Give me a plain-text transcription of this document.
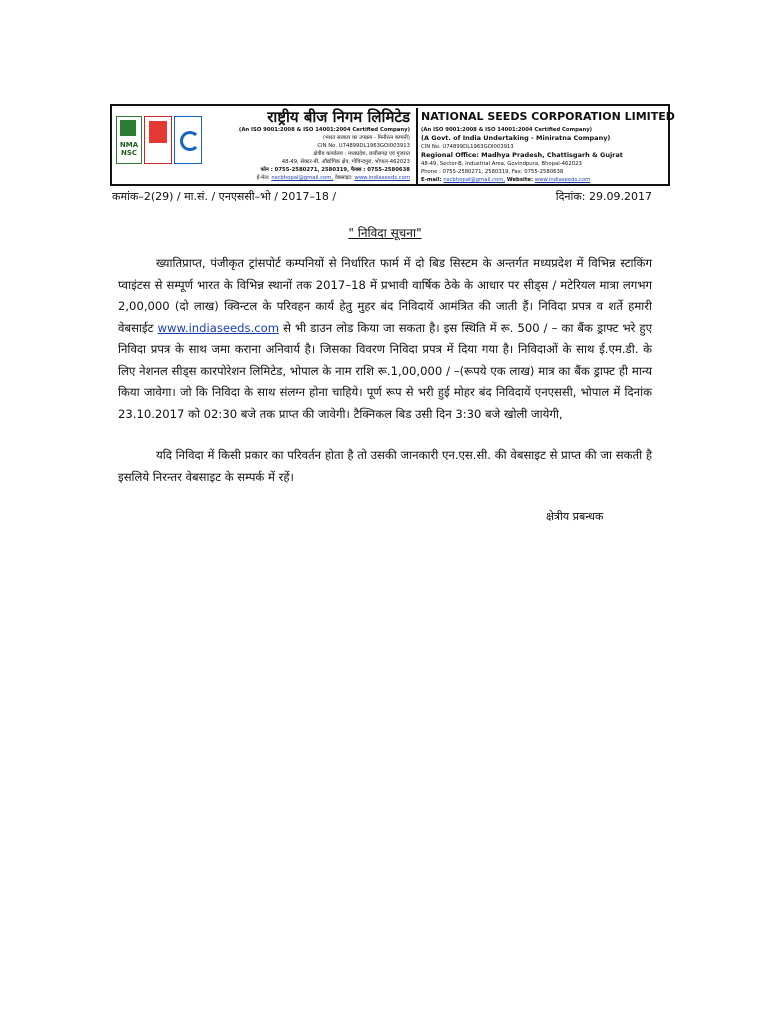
NMA NSC
राष्ट्रीय बीज निगम लिमिटेड
(An ISO 9001:2008 & ISO 14001:2004 Certified Company)
(भारत सरकार का उपक्रम - मिनीरत्न कम्पनी)
CIN No. U74899DL1963GOI003913
क्षेत्रीय कार्यालय : मध्यप्रदेश, छत्तीसगढ़ एवं गुजरात
48-49, सेक्टर-बी, औद्योगिक क्षेत्र, गोविन्दपुरा, भोपाल-462023
फोन : 0755-2580271, 2580319, फैक्स : 0755-2580638
ई-मेल: nscbhopal@gmail.com, वेबसाइट: www.indiaseeds.com
NATIONAL SEEDS CORPORATION LIMITED
(An ISO 9001:2008 & ISO 14001:2004 Certified Company)
(A Govt. of India Undertaking - Miniratna Company)
CIN No. U74899DL1963GOI003913
Regional Office: Madhya Pradesh, Chattisgarh & Gujrat
48-49, Sector-B, Industrial Area, Govindpura, Bhopal-462023
Phone : 0755-2580271, 2580319, Fax: 0755-2580638
E-mail: nscbhopal@gmail.com, Website: www.indiaseeds.com
कमांक–2(29) / मा.सं. / एनएससी–भो / 2017–18 /	दिनांक: 29.09.2017
" निविदा सूचना"
ख्यातिप्राप्त, पंजीकृत ट्रांसपोर्ट कम्पनियों से निर्धारित फार्म में दो बिड सिस्टम के अन्तर्गत मध्यप्रदेश में विभिन्न स्टाकिंग प्वाइंटस से सम्पूर्ण भारत के विभिन्न स्थानों तक 2017–18 में प्रभावी वार्षिक ठेके के आधार पर सीड्स / मटेरियल मात्रा लगभग 2,00,000 (दो लाख) क्विन्टल के परिवहन कार्य हेतु मुहर बंद निविदायें आमंत्रित की जाती हैं। निविदा प्रपत्र व शर्ते हमारी वेबसाईट www.indiaseeds.com से भी डाउन लोड किया जा सकता है। इस स्थिति में रू. 500 / – का बैंक ड्राफ्ट भरे हुए निविदा प्रपत्र के साथ जमा कराना अनिवार्य है। जिसका विवरण निविदा प्रपत्र में दिया गया है। निविदाओं के साथ ई.एम.डी. के लिए नेशनल सीड्स कारपोरेशन लिमिटेड, भोपाल के नाम राशि रू.1,00,000 / –(रूपये एक लाख) मात्र का बैंक ड्राफ्ट ही मान्य किया जावेगा। जो कि निविदा के साथ संलग्न होना चाहिये। पूर्ण रूप से भरी हुई मोहर बंद निविदायें एनएससी, भोपाल में दिनांक 23.10.2017 को 02:30 बजे तक प्राप्त की जावेगी। टैक्निकल बिड उसी दिन 3:30 बजे खोली जायेगी,
यदि निविदा में किसी प्रकार का परिवर्तन होता है तो उसकी जानकारी एन.एस.सी. की वेबसाइट से प्राप्त की जा सकती है इसलिये निरन्तर वेबसाइट के सम्पर्क में रहें।
क्षेत्रीय प्रबन्धक
